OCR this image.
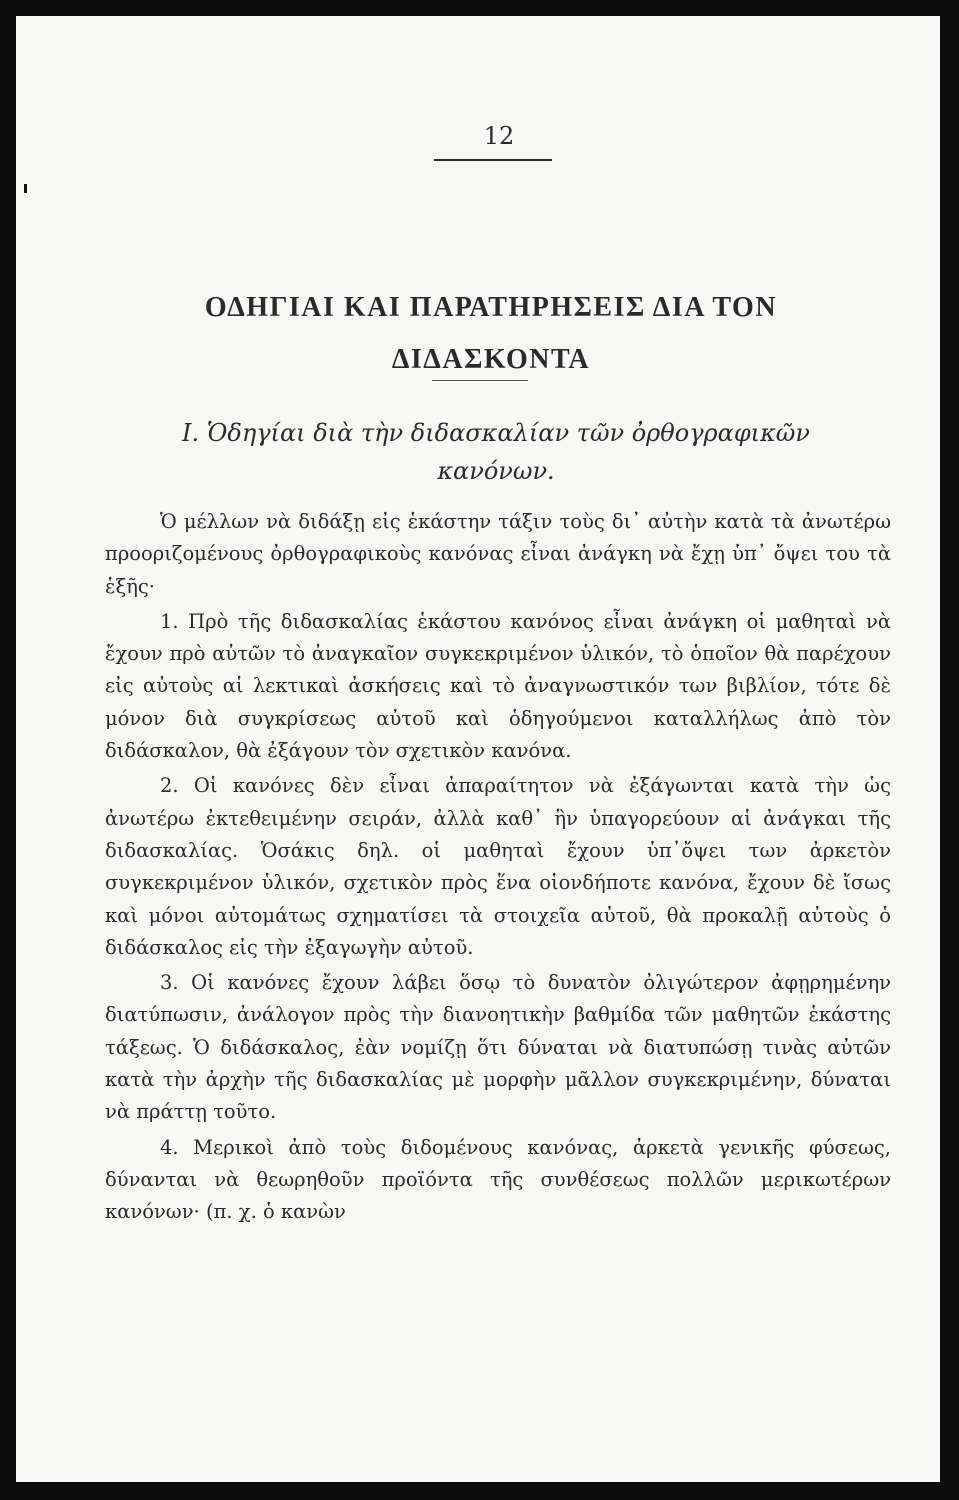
12
ΟΔΗΓΙΑΙ ΚΑΙ ΠΑΡΑΤΗΡΗΣΕΙΣ ΔΙΑ ΤΟΝ
ΔΙΔΑΣΚΟΝΤΑ
Ι. Ὁδηγίαι διὰ τὴν διδασκαλίαν τῶν ὀρθογραφικῶν
κανόνων.

Ὁ μέλλων νὰ διδάξῃ εἰς ἑκάστην τάξιν τοὺς δι᾽ αὐτὴν κατὰ τὰ ἀνωτέρω προοριζομένους ὀρθογραφικοὺς κανόνας εἶναι ἀνάγκη νὰ ἔχῃ ὑπ᾽ ὄψει του τὰ ἑξῆς·

1. Πρὸ τῆς διδασκαλίας ἑκάστου κανόνος εἶναι ἀνάγκη οἱ μαθηταὶ νὰ ἔχουν πρὸ αὐτῶν τὸ ἀναγκαῖον συγκεκριμένον ὑλικόν, τὸ ὁποῖον θὰ παρέχουν εἰς αὐτοὺς αἱ λεκτικαὶ ἀσκήσεις καὶ τὸ ἀναγνωστικόν των βιβλίον, τότε δὲ μόνον διὰ συγκρίσεως αὐτοῦ καὶ ὁδηγούμενοι καταλλήλως ἀπὸ τὸν διδάσκαλον, θὰ ἐξάγουν τὸν σχετικὸν κανόνα.

2. Οἱ κανόνες δὲν εἶναι ἀπαραίτητον νὰ ἐξάγωνται κατὰ τὴν ὡς ἀνωτέρω ἐκτεθειμένην σειράν, ἀλλὰ καθ᾽ ἣν ὑπαγορεύουν αἱ ἀνάγκαι τῆς διδασκαλίας. Ὁσάκις δηλ. οἱ μαθηταὶ ἔχουν ὑπ᾽ὄψει των ἀρκετὸν συγκεκριμένον ὑλικόν, σχετικὸν πρὸς ἕνα οἱονδήποτε κανόνα, ἔχουν δὲ ἴσως καὶ μόνοι αὐτομάτως σχηματίσει τὰ στοιχεῖα αὐτοῦ, θὰ προκαλῇ αὐτοὺς ὁ διδάσκαλος εἰς τὴν ἐξαγωγὴν αὐτοῦ.

3. Οἱ κανόνες ἔχουν λάβει ὅσῳ τὸ δυνατὸν ὀλιγώτερον ἀφῃρημένην διατύπωσιν, ἀνάλογον πρὸς τὴν διανοητικὴν βαθμίδα τῶν μαθητῶν ἑκάστης τάξεως. Ὁ διδάσκαλος, ἐὰν νομίζῃ ὅτι δύναται νὰ διατυπώσῃ τινὰς αὐτῶν κατὰ τὴν ἀρχὴν τῆς διδασκαλίας μὲ μορφὴν μᾶλλον συγκεκριμένην, δύναται νὰ πράττῃ τοῦτο.

4. Μερικοὶ ἀπὸ τοὺς διδομένους κανόνας, ἀρκετὰ γενικῆς φύσεως, δύνανται νὰ θεωρηθοῦν προϊόντα τῆς συνθέσεως πολλῶν μερικωτέρων κανόνων· (π. χ. ὁ κανὼν
